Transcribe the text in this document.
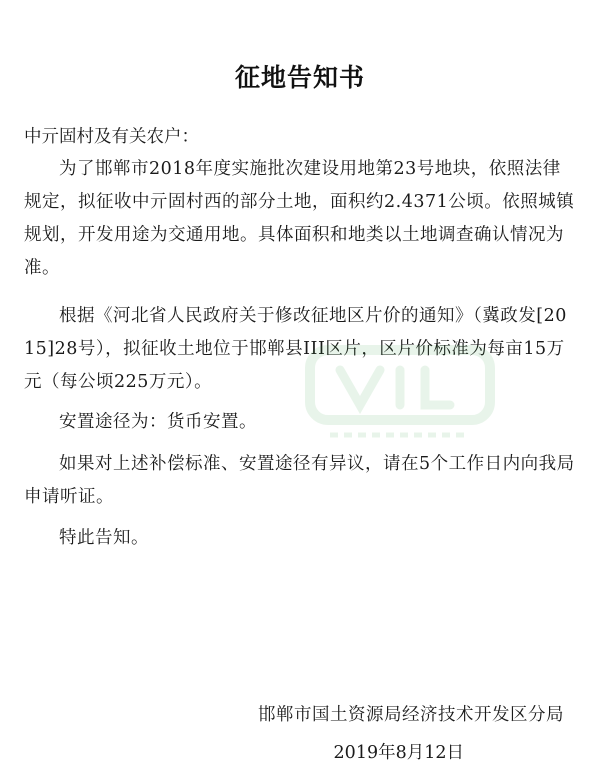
征地告知书
中亓固村及有关农户：
为了邯郸市2018年度实施批次建设用地第23号地块，依照法律规定，拟征收中亓固村西的部分土地，面积约2.4371公顷。依照城镇规划，开发用途为交通用地。具体面积和地类以土地调查确认情况为准。
根据《河北省人民政府关于修改征地区片价的通知》（冀政发[2015]28号），拟征收土地位于邯郸县III区片，区片价标准为每亩15万元（每公顷225万元）。
安置途径为：货币安置。
如果对上述补偿标准、安置途径有异议，请在5个工作日内向我局申请听证。
特此告知。
邯郸市国土资源局经济技术开发区分局
2019年8月12日
